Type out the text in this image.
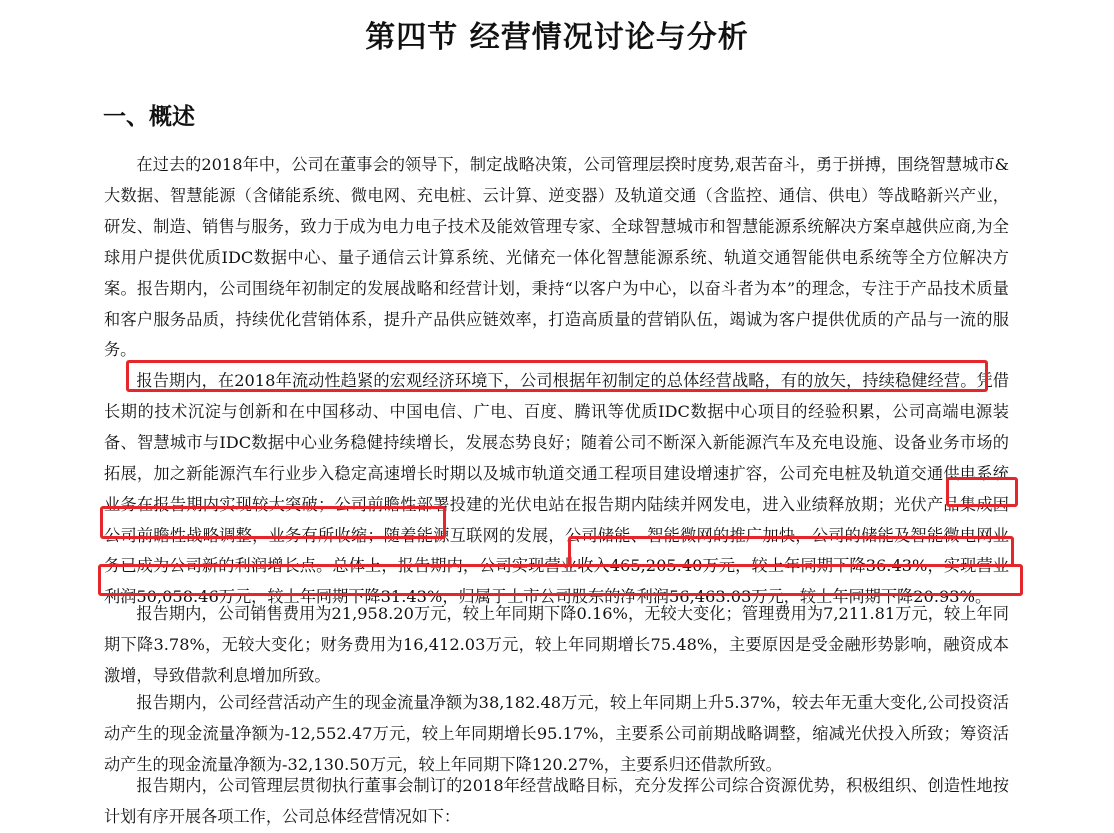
第四节 经营情况讨论与分析
一、概述

在过去的2018年中，公司在董事会的领导下，制定战略决策，公司管理层揆时度势,艰苦奋斗，勇于拼搏，围绕智慧城市&大数据、智慧能源（含储能系统、微电网、充电桩、云计算、逆变器）及轨道交通（含监控、通信、供电）等战略新兴产业，研发、制造、销售与服务，致力于成为电力电子技术及能效管理专家、全球智慧城市和智慧能源系统解决方案卓越供应商,为全球用户提供优质IDC数据中心、量子通信云计算系统、光储充一体化智慧能源系统、轨道交通智能供电系统等全方位解决方案。报告期内，公司围绕年初制定的发展战略和经营计划，秉持“以客户为中心，以奋斗者为本”的理念，专注于产品技术质量和客户服务品质，持续优化营销体系，提升产品供应链效率，打造高质量的营销队伍，竭诚为客户提供优质的产品与一流的服务。

报告期内，在2018年流动性趋紧的宏观经济环境下，公司根据年初制定的总体经营战略，有的放矢，持续稳健经营。凭借长期的技术沉淀与创新和在中国移动、中国电信、广电、百度、腾讯等优质IDC数据中心项目的经验积累，公司高端电源装备、智慧城市与IDC数据中心业务稳健持续增长，发展态势良好；随着公司不断深入新能源汽车及充电设施、设备业务市场的拓展，加之新能源汽车行业步入稳定高速增长时期以及城市轨道交通工程项目建设增速扩容，公司充电桩及轨道交通供电系统业务在报告期内实现较大突破；公司前瞻性部署投建的光伏电站在报告期内陆续并网发电，进入业绩释放期；光伏产品集成因公司前瞻性战略调整，业务有所收缩；随着能源互联网的发展，公司储能、智能微网的推广加快，公司的储能及智能微电网业务已成为公司新的利润增长点。总体上，报告期内，公司实现营业收入465,205.40万元，较上年同期下降36.43%，实现营业利润50,058.46万元，较上年同期下降31.43%，归属于上市公司股东的净利润56,463.03万元，较上年同期下降20.93%。

报告期内，公司销售费用为21,958.20万元，较上年同期下降0.16%，无较大变化；管理费用为7,211.81万元，较上年同期下降3.78%，无较大变化；财务费用为16,412.03万元，较上年同期增长75.48%，主要原因是受金融形势影响，融资成本激增，导致借款利息增加所致。

报告期内，公司经营活动产生的现金流量净额为38,182.48万元，较上年同期上升5.37%，较去年无重大变化,公司投资活动产生的现金流量净额为-12,552.47万元，较上年同期增长95.17%，主要系公司前期战略调整，缩减光伏投入所致；筹资活动产生的现金流量净额为-32,130.50万元，较上年同期下降120.27%，主要系归还借款所致。

报告期内，公司管理层贯彻执行董事会制订的2018年经营战略目标，充分发挥公司综合资源优势，积极组织、创造性地按计划有序开展各项工作，公司总体经营情况如下：
